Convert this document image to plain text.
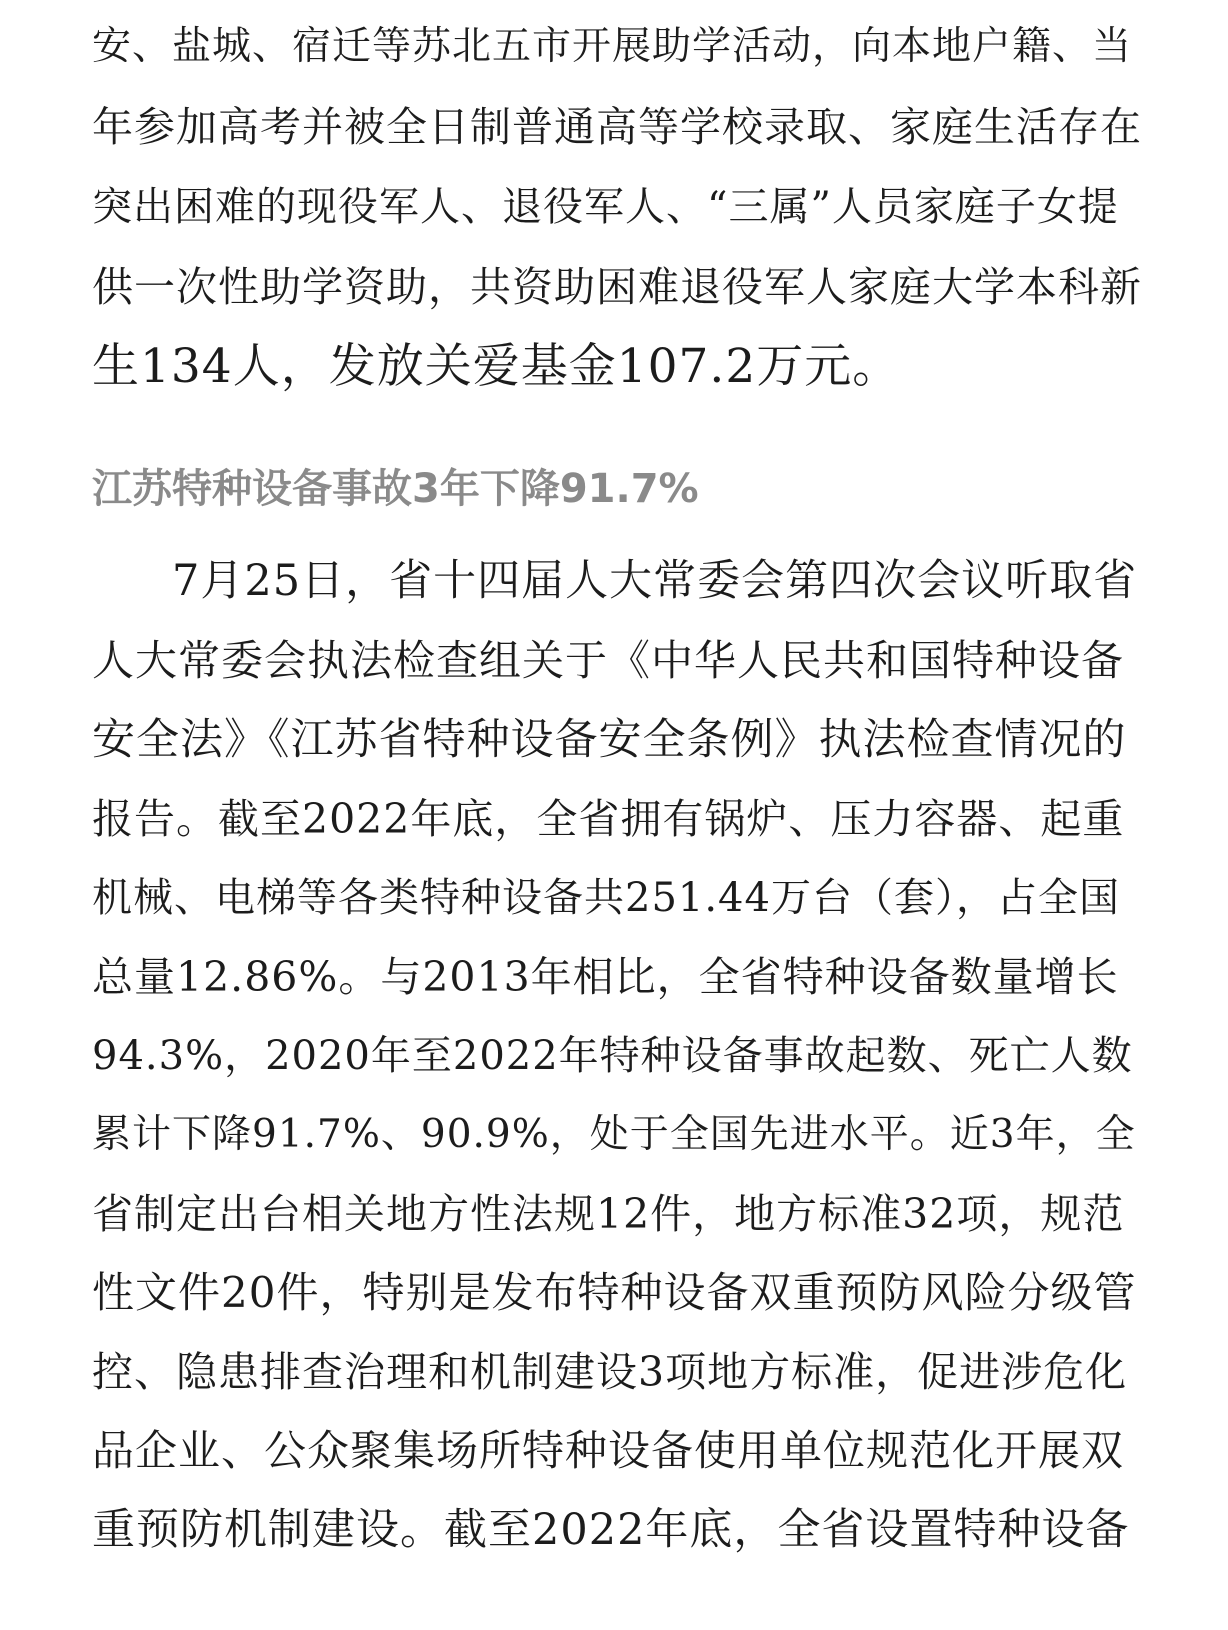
安、盐城、宿迁等苏北五市开展助学活动，向本地户籍、当
年参加高考并被全日制普通高等学校录取、家庭生活存在
突出困难的现役军人、退役军人、“三属”人员家庭子女提
供一次性助学资助，共资助困难退役军人家庭大学本科新
生134人，发放关爱基金107.2万元。
江苏特种设备事故3年下降91.7%
7月25日，省十四届人大常委会第四次会议听取省
人大常委会执法检查组关于《中华人民共和国特种设备
安全法》《江苏省特种设备安全条例》执法检查情况的
报告。截至2022年底，全省拥有锅炉、压力容器、起重
机械、电梯等各类特种设备共251.44万台（套），占全国
总量12.86%。与2013年相比，全省特种设备数量增长
94.3%，2020年至2022年特种设备事故起数、死亡人数
累计下降91.7%、90.9%，处于全国先进水平。近3年，全
省制定出台相关地方性法规12件，地方标准32项，规范
性文件20件，特别是发布特种设备双重预防风险分级管
控、隐患排查治理和机制建设3项地方标准，促进涉危化
品企业、公众聚集场所特种设备使用单位规范化开展双
重预防机制建设。截至2022年底，全省设置特种设备
